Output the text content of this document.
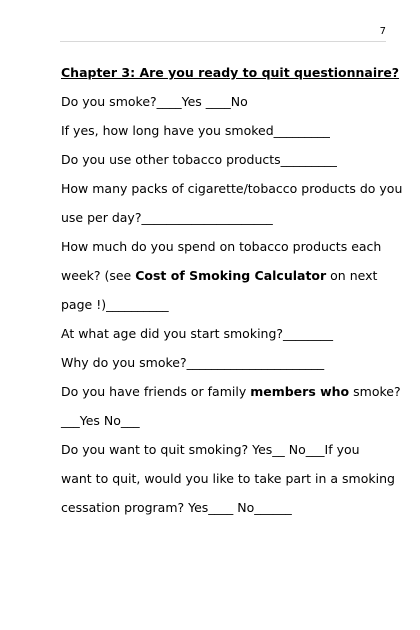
7
Chapter 3: Are you ready to quit questionnaire?
Do you smoke?____Yes ____No
If yes, how long have you smoked_________
Do you use other tobacco products_________
How many packs of cigarette/tobacco products do you
use per day?_____________________
How much do you spend on tobacco products each
week? (see Cost of Smoking Calculator on next
page !)__________
At what age did you start smoking?________
Why do you smoke?______________________
Do you have friends or family members who smoke?
___Yes No___
Do you want to quit smoking? Yes__ No___If you
want to quit, would you like to take part in a smoking
cessation program? Yes____ No______
